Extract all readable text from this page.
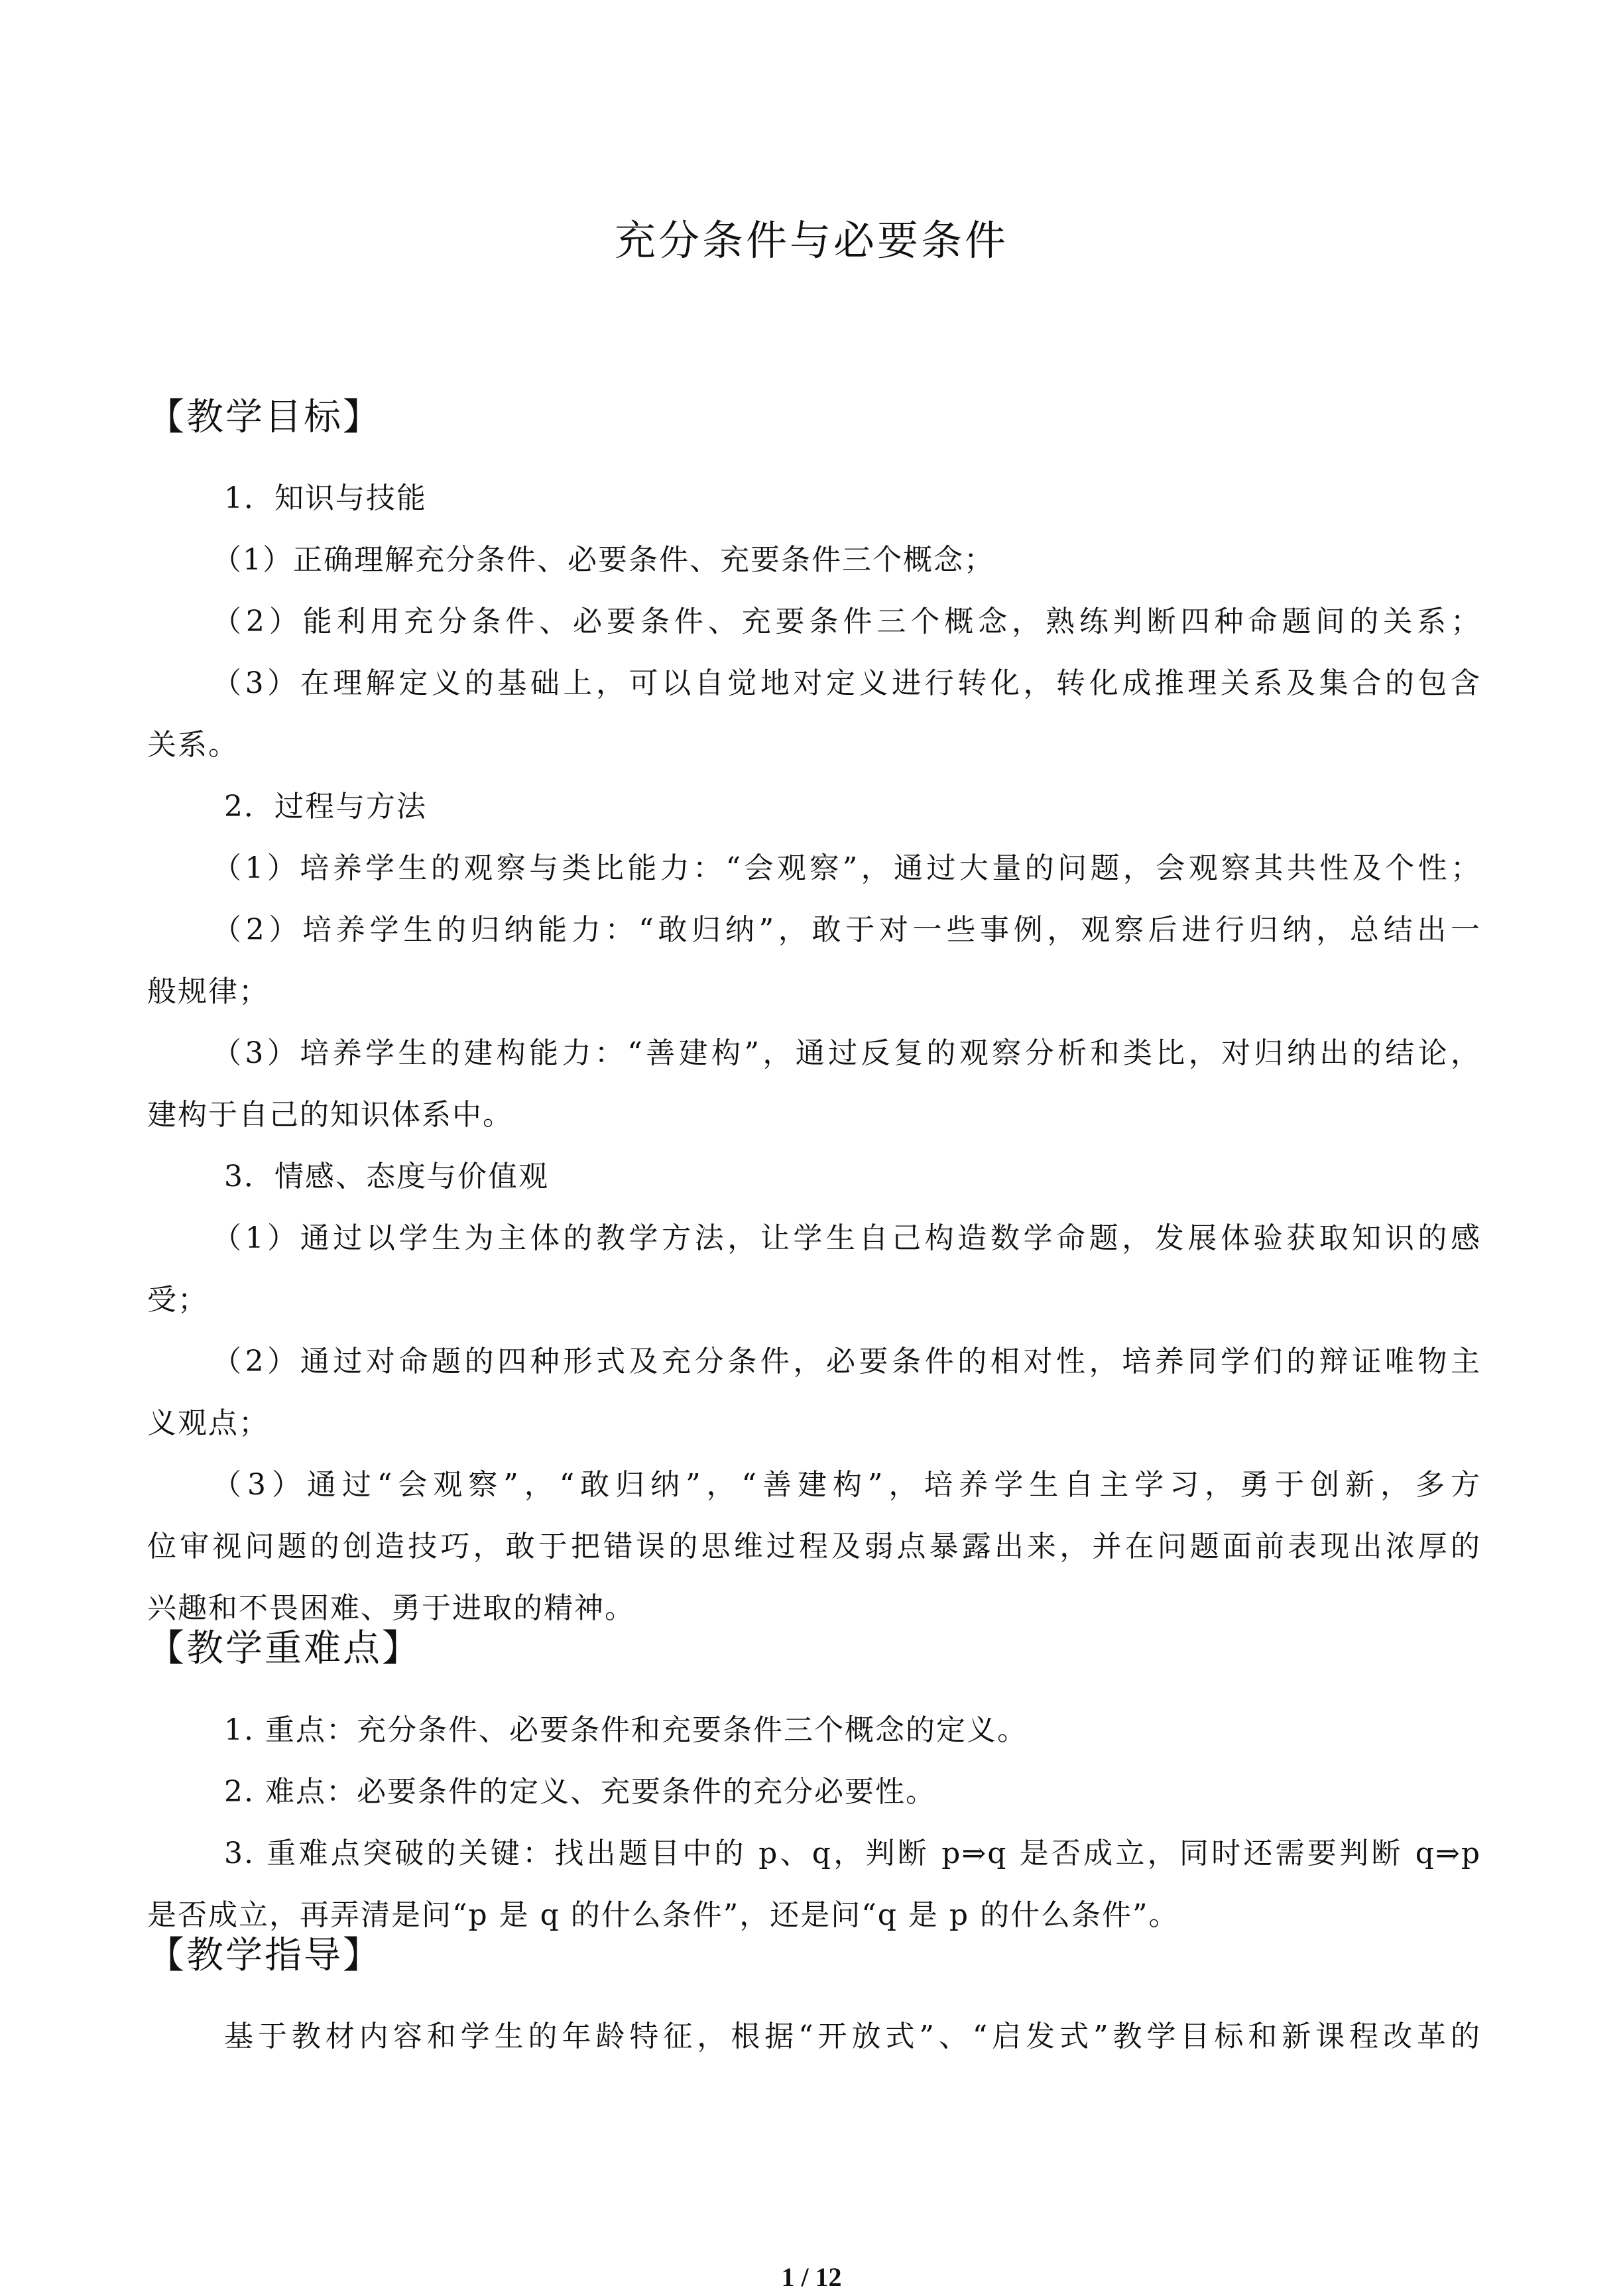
充分条件与必要条件
【教学目标】
1．知识与技能
（1）正确理解充分条件、必要条件、充要条件三个概念；
（2）能利用充分条件、必要条件、充要条件三个概念，熟练判断四种命题间的关系；
（3）在理解定义的基础上，可以自觉地对定义进行转化，转化成推理关系及集合的包含
关系。
2．过程与方法
（1）培养学生的观察与类比能力：“会观察”，通过大量的问题，会观察其共性及个性；
（2）培养学生的归纳能力：“敢归纳”，敢于对一些事例，观察后进行归纳，总结出一
般规律；
（3）培养学生的建构能力：“善建构”，通过反复的观察分析和类比，对归纳出的结论，
建构于自己的知识体系中。
3．情感、态度与价值观
（1）通过以学生为主体的教学方法，让学生自己构造数学命题，发展体验获取知识的感
受；
（2）通过对命题的四种形式及充分条件，必要条件的相对性，培养同学们的辩证唯物主
义观点；
（3）通过“会观察”，“敢归纳”，“善建构”，培养学生自主学习，勇于创新，多方
位审视问题的创造技巧，敢于把错误的思维过程及弱点暴露出来，并在问题面前表现出浓厚的
兴趣和不畏困难、勇于进取的精神。
【教学重难点】
1. 重点：充分条件、必要条件和充要条件三个概念的定义。
2. 难点：必要条件的定义、充要条件的充分必要性。
3. 重难点突破的关键：找出题目中的 p、q，判断 p⇒q 是否成立，同时还需要判断 q⇒p
是否成立，再弄清是问“p 是 q 的什么条件”，还是问“q 是 p 的什么条件”。
【教学指导】
基于教材内容和学生的年龄特征，根据“开放式”、“启发式”教学目标和新课程改革的
1 / 12
